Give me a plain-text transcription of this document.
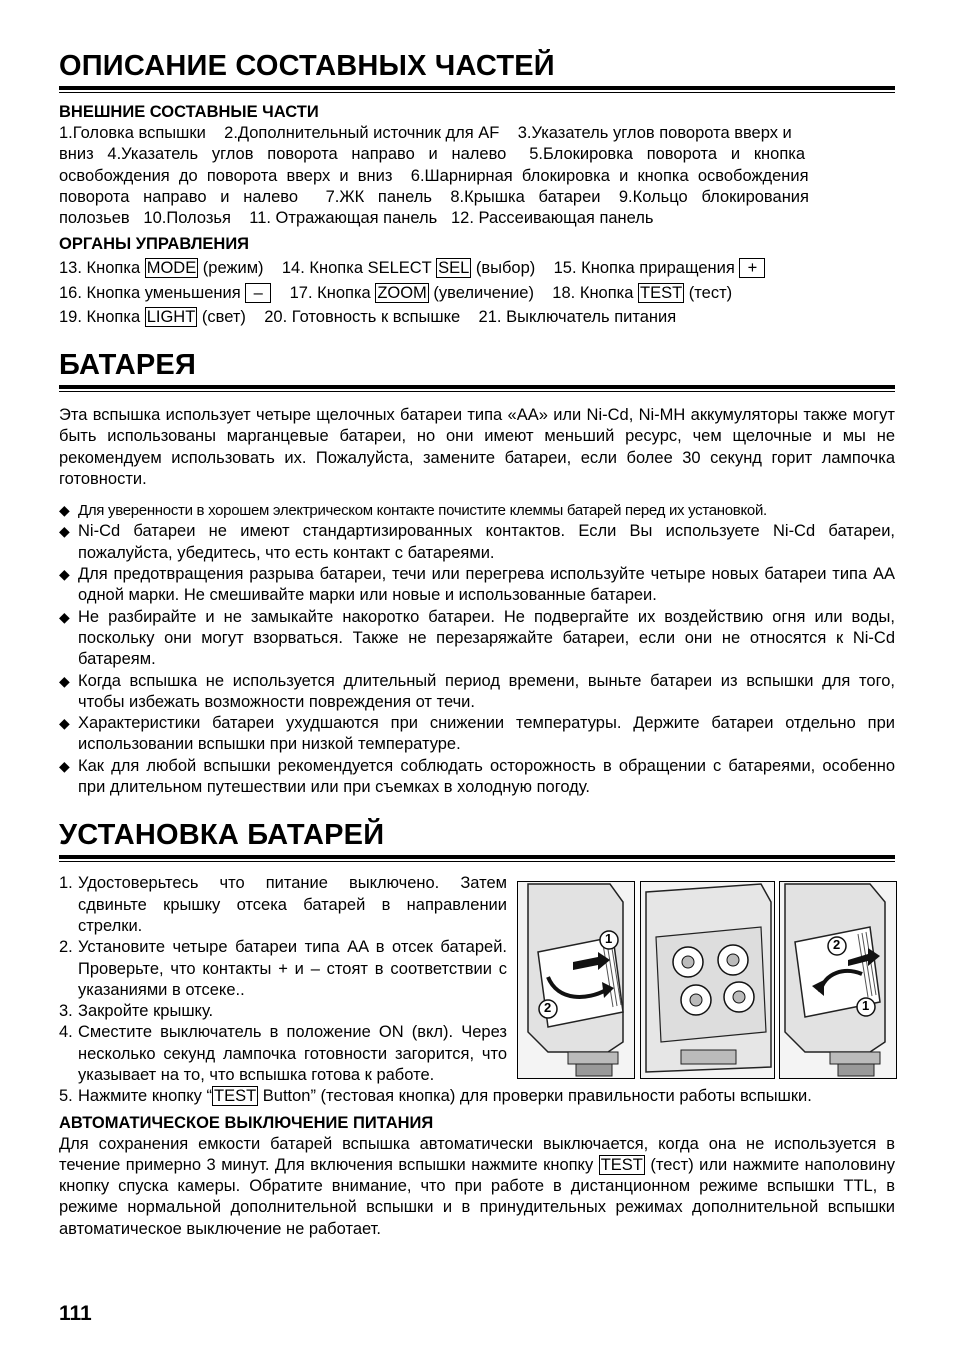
ОПИСАНИЕ СОСТАВНЫХ ЧАСТЕЙ
ВНЕШНИЕ СОСТАВНЫЕ ЧАСТИ
1.Головка вспышки    2.Дополнительный источник для AF    3.Указатель углов поворота вверх и
вниз   4.Указатель   углов   поворота   направо   и   налево     5.Блокировка   поворота   и   кнопка
освобождения  до  поворота  вверх  и  вниз    6.Шарнирная  блокировка  и  кнопка  освобождения
поворота   направо   и   налево      7.ЖК   панель    8.Крышка   батареи    9.Кольцо   блокирования
полозьев   10.Полозья    11. Отражающая панель   12. Рассеивающая панель
ОРГАНЫ УПРАВЛЕНИЯ
13. Кнопка MODE (режим)    14. Кнопка SELECT SEL (выбор)    15. Кнопка приращения +
16. Кнопка уменьшения –    17. Кнопка ZOOM (увеличение)    18. Кнопка TEST (тест)
19. Кнопка LIGHT (свет)    20. Готовность к вспышке    21. Выключатель питания
БАТАРЕЯ

Эта вспышка использует четыре щелочных батареи типа «AA» или Ni-Cd, Ni-MH аккумуляторы также могут быть использованы марганцевые батареи, но они имеют меньший ресурс, чем щелочные и мы не рекомендуем использовать их. Пожалуйста, замените батареи, если более 30 секунд горит лампочка готовности.

◆ Для уверенности в хорошем электрическом контакте почистите клеммы батарей перед их установкой.
◆ Ni-Cd батареи не имеют стандартизированных контактов. Если Вы используете Ni-Cd батареи, пожалуйста, убедитесь, что есть контакт с батареями.
◆ Для предотвращения разрыва батареи, течи или перегрева используйте четыре новых батареи типа AA одной марки. Не смешивайте марки или новые и использованные батареи.
◆ Не разбирайте и не замыкайте накоротко батареи. Не подвергайте их воздействию огня или воды, поскольку они могут взорваться. Также не перезаряжайте батареи, если они не относятся к Ni-Cd батареям.
◆ Когда вспышка не используется длительный период времени, выньте батареи из вспышки для того, чтобы избежать возможности повреждения от течи.
◆ Характеристики батареи ухудшаются при снижении температуры. Держите батареи отдельно при использовании вспышки при низкой температуре.
◆ Как для любой вспышки рекомендуется соблюдать осторожность в обращении с батареями, особенно при длительном путешествии или при съемках в холодную погоду.
УСТАНОВКА БАТАРЕЙ
1. Удостоверьтесь что питание выключено. Затем сдвиньте крышку отсека батарей в направлении стрелки.
2. Установите четыре батареи типа AA в отсек батарей. Проверьте, что контакты + и – стоят в соответствии с указаниями в отсеке..
3. Закройте крышку.
4. Сместите выключатель в положение ON (вкл). Через несколько секунд лампочка готовности загорится, что указывает на то, что вспышка готова к работе.
5. Нажмите кнопку “ TEST Button” (тестовая кнопка) для проверки правильности работы вспышки.
АВТОМАТИЧЕСКОЕ ВЫКЛЮЧЕНИЕ ПИТАНИЯ

Для сохранения емкости батарей вспышка автоматически выключается, когда она не используется в течение примерно 3 минут. Для включения вспышки нажмите кнопку TEST (тест) или нажмите наполовину кнопку спуска камеры. Обратите внимание, что при работе в дистанционном режиме вспышки TTL, в режиме нормальной дополнительной вспышки и в принудительных режимах дополнительной вспышки автоматическое выключение не работает.

1
2
2
1
111
